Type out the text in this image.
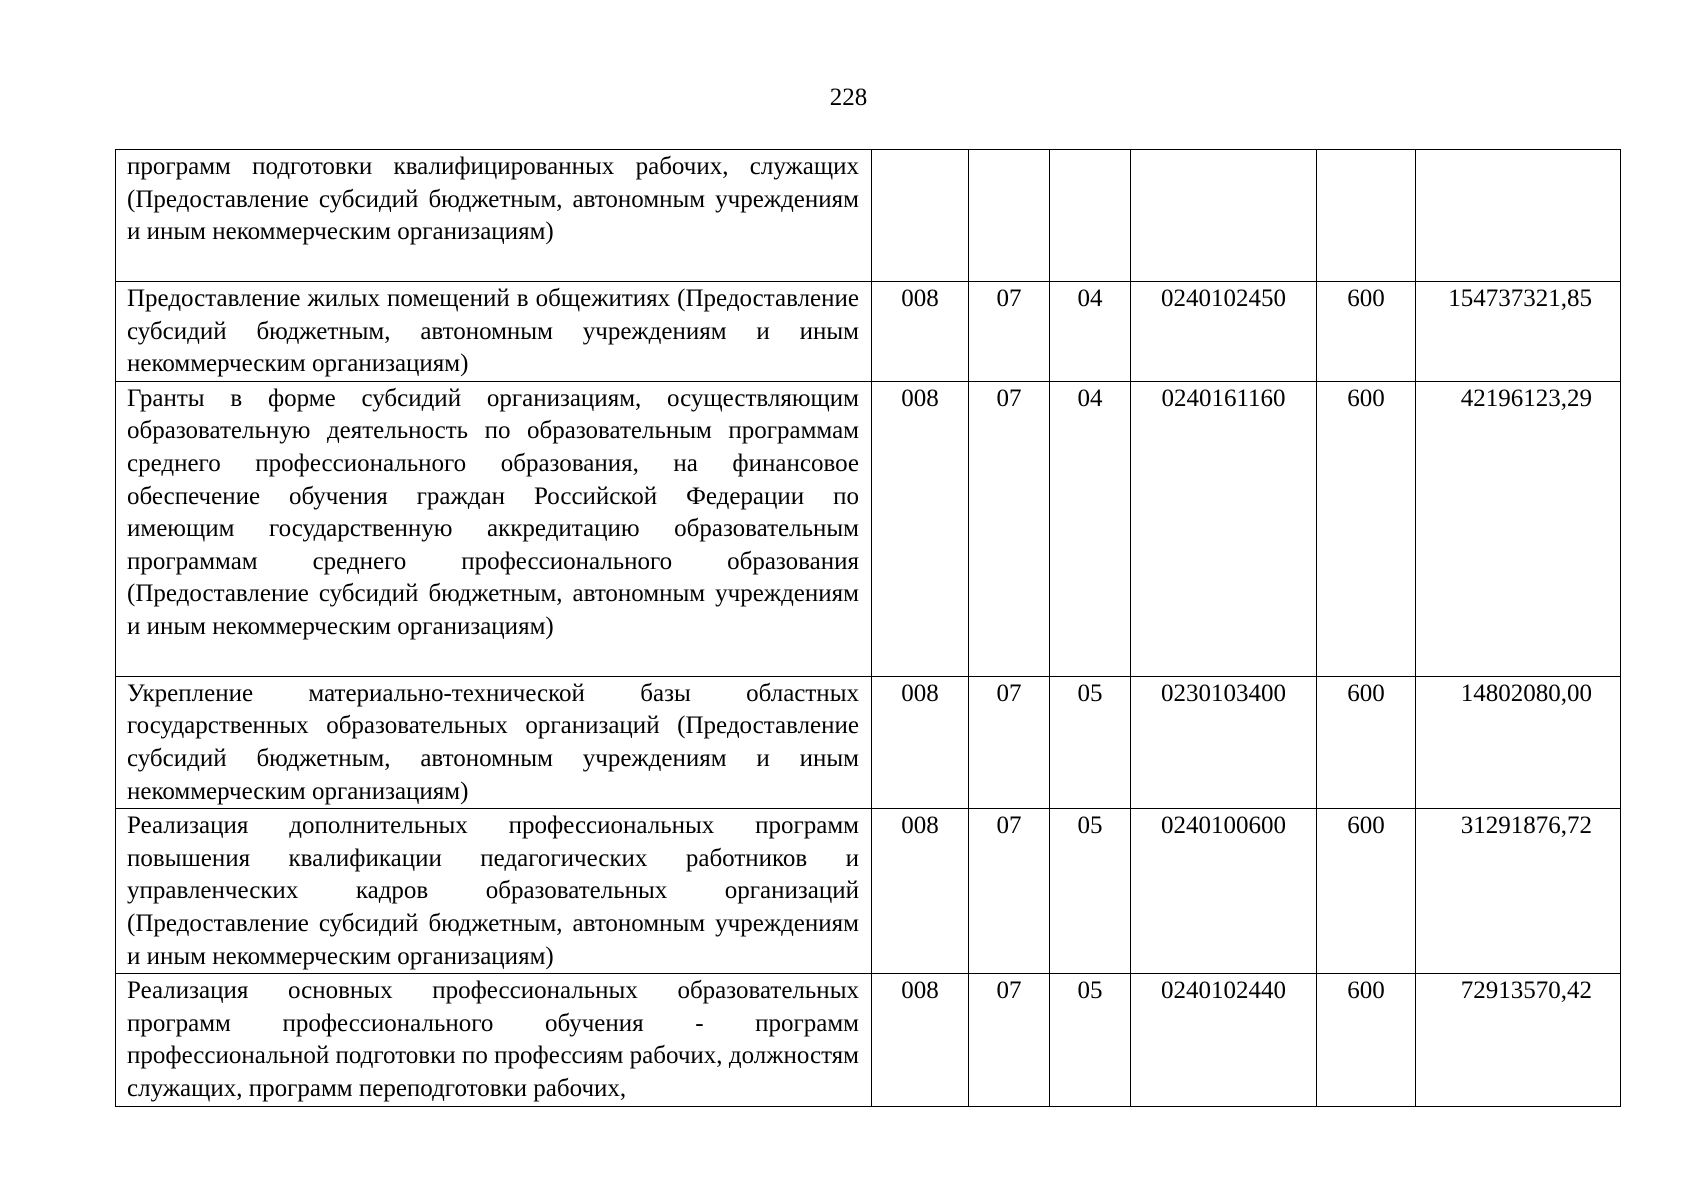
228
программ подготовки квалифицированных рабочих, служащих (Предоставление субсидий бюджетным, автономным учреждениям и иным некоммерческим организациям)						
Предоставление жилых помещений в общежитиях (Предоставление субсидий бюджетным, автономным учреждениям и иным некоммерческим организациям)	008	07	04	0240102450	600	154737321,85
Гранты в форме субсидий организациям, осуществляющим образовательную деятельность по образовательным программам среднего профессионального образования, на финансовое обеспечение обучения граждан Российской Федерации по имеющим государственную аккредитацию образовательным программам среднего профессионального образования (Предоставление субсидий бюджетным, автономным учреждениям и иным некоммерческим организациям)	008	07	04	0240161160	600	42196123,29
Укрепление материально-технической базы областных государственных образовательных организаций (Предоставление субсидий бюджетным, автономным учреждениям и иным некоммерческим организациям)	008	07	05	0230103400	600	14802080,00
Реализация дополнительных профессиональных программ повышения квалификации педагогических работников и управленческих кадров образовательных организаций (Предоставление субсидий бюджетным, автономным учреждениям и иным некоммерческим организациям)	008	07	05	0240100600	600	31291876,72
Реализация основных профессиональных образовательных программ профессионального обучения - программ профессиональной подготовки по профессиям рабочих, должностям служащих, программ переподготовки рабочих,	008	07	05	0240102440	600	72913570,42
